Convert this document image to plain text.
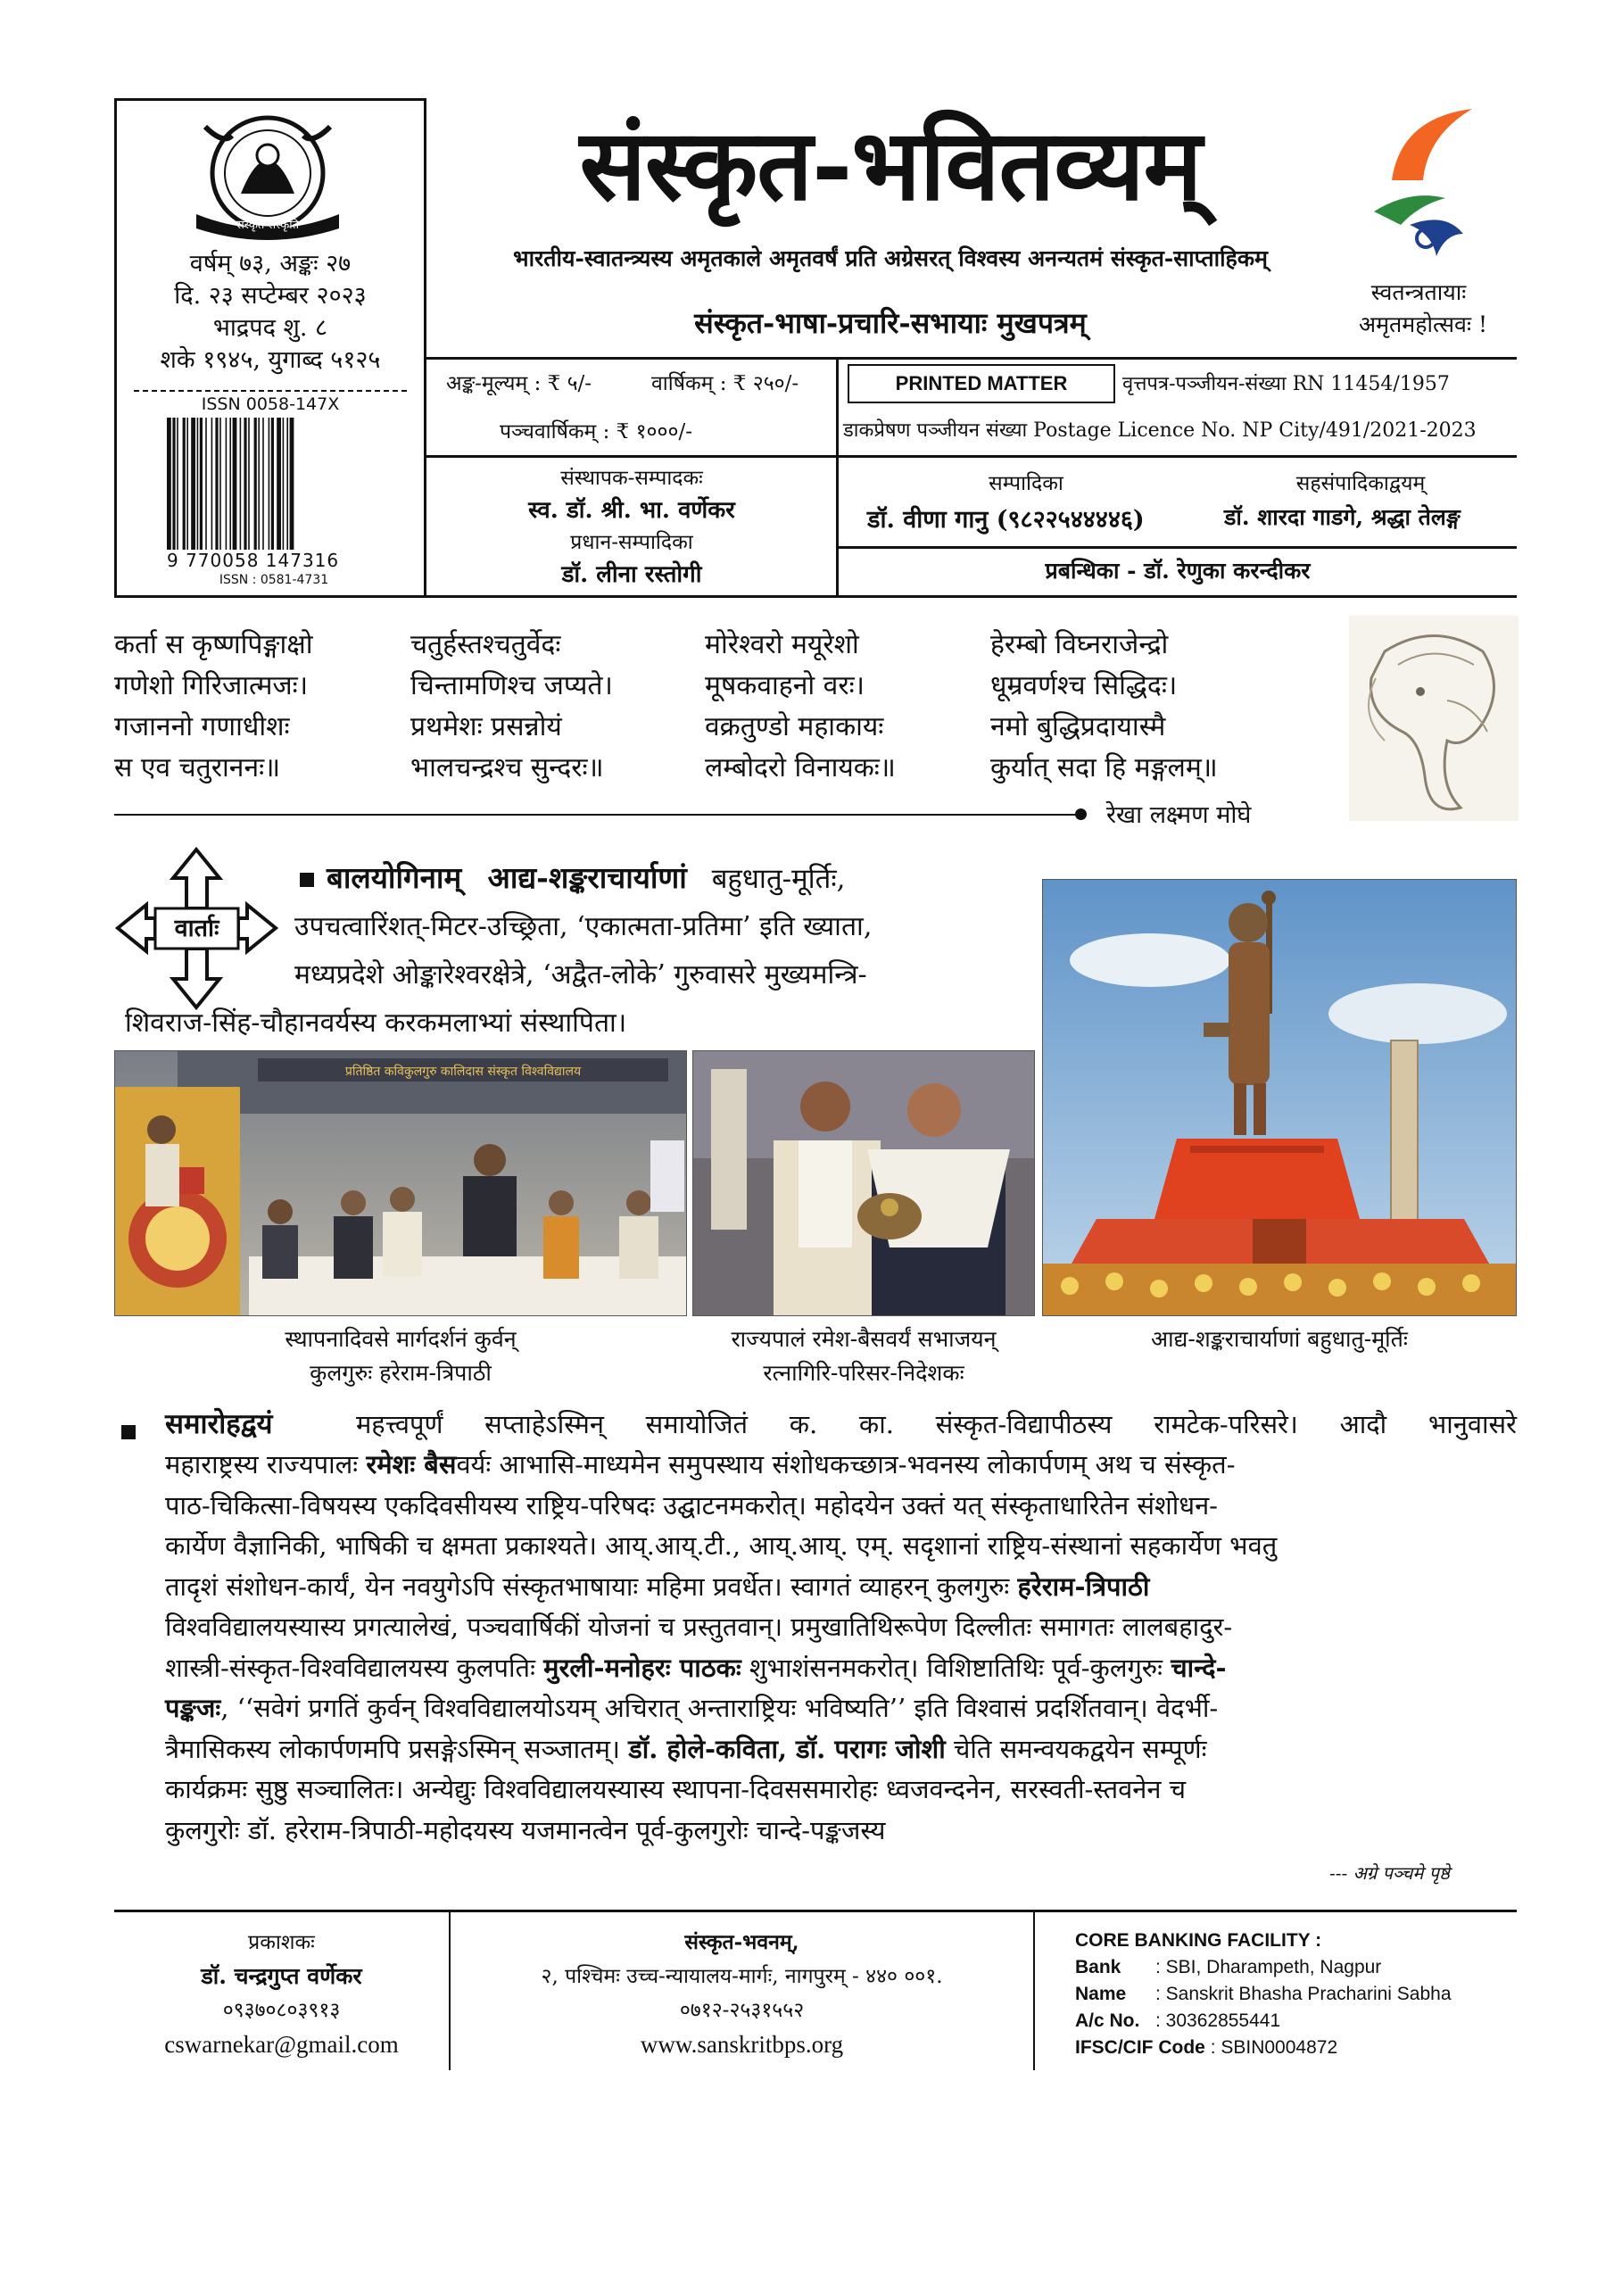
संस्कृत संस्कृति
वर्षम् ७३, अङ्कः २७
दि. २३ सप्टेम्बर २०२३
भाद्रपद शु. ८
शके १९४५, युगाब्द ५१२५
ISSN 0058-147X
9 770058 147316
ISSN : 0581-4731
संस्कृत-भवितव्यम्
भारतीय-स्वातन्त्र्यस्य अमृतकाले अमृतवर्षं प्रति अग्रेसरत् विश्वस्य अनन्यतमं संस्कृत-साप्ताहिकम्
संस्कृत-भाषा-प्रचारि-सभायाः मुखपत्रम्
स्वतन्त्रतायाः
अमृतमहोत्सवः !
अङ्क-मूल्यम् : ₹ ५/-	वार्षिकम् : ₹ २५०/-
पञ्चवार्षिकम् : ₹ १०००/-
PRINTED MATTER	वृत्तपत्र-पञ्जीयन-संख्या RN 11454/1957
डाकप्रेषण पञ्जीयन संख्या Postage Licence No. NP City/491/2021-2023
संस्थापक-सम्पादकः
स्व. डॉ. श्री. भा. वर्णेकर
प्रधान-सम्पादिका
डॉ. लीना रस्तोगी
सम्पादिका	सहसंपादिकाद्वयम्
डॉ. वीणा गानु (९८२२५४४४४६)	डॉ. शारदा गाडगे, श्रद्धा तेलङ्ग
प्रबन्धिका - डॉ. रेणुका करन्दीकर
कर्ता स कृष्णपिङ्गाक्षो
गणेशो गिरिजात्मजः।
गजाननो गणाधीशः
स एव चतुराननः॥
चतुर्हस्तश्चतुर्वेदः
चिन्तामणिश्च जप्यते।
प्रथमेशः प्रसन्नोयं
भालचन्द्रश्च सुन्दरः॥
मोरेश्वरो मयूरेशो
मूषकवाहनो वरः।
वक्रतुण्डो महाकायः
लम्बोदरो विनायकः॥
हेरम्बो विघ्नराजेन्द्रो
धूम्रवर्णश्च सिद्धिदः।
नमो बुद्धिप्रदायास्मै
कुर्यात् सदा हि मङ्गलम्॥
रेखा लक्ष्मण मोघे
वार्ताः
बालयोगिनाम् आद्य-शङ्कराचार्याणां बहुधातु-मूर्तिः,
उपचत्वारिंशत्-मिटर-उच्छ्रिता, ‘एकात्मता-प्रतिमा’ इति ख्याता,
मध्यप्रदेशे ओङ्कारेश्वरक्षेत्रे, ‘अद्वैत-लोके’ गुरुवासरे मुख्यमन्त्रि-
शिवराज-सिंह-चौहानवर्यस्य करकमलाभ्यां संस्थापिता।
प्रतिष्ठित कविकुलगुरु कालिदास संस्कृत विश्वविद्यालय
स्थापनादिवसे मार्गदर्शनं कुर्वन्
कुलगुरुः हरेराम-त्रिपाठी
राज्यपालं रमेश-बैसवर्यं सभाजयन्
रत्नागिरि-परिसर-निदेशकः
आद्य-शङ्कराचार्याणां बहुधातु-मूर्तिः
समारोहद्वयं	महत्त्वपूर्णं सप्ताहेऽस्मिन् समायोजितं क. का. संस्कृत-विद्यापीठस्य रामटेक-परिसरे। आदौ भानुवासरे
महाराष्ट्रस्य राज्यपालः रमेशः बैसवर्यः आभासि-माध्यमेन समुपस्थाय संशोधकच्छात्र-भवनस्य लोकार्पणम् अथ च संस्कृत-
पाठ-चिकित्सा-विषयस्य एकदिवसीयस्य राष्ट्रिय-परिषदः उद्घाटनमकरोत्। महोदयेन उक्तं यत् संस्कृताधारितेन संशोधन-
कार्येण वैज्ञानिकी, भाषिकी च क्षमता प्रकाश्यते। आय्.आय्.टी., आय्.आय्. एम्. सदृशानां राष्ट्रिय-संस्थानां सहकार्येण भवतु
तादृशं संशोधन-कार्यं, येन नवयुगेऽपि संस्कृतभाषायाः महिमा प्रवर्धेत। स्वागतं व्याहरन् कुलगुरुः हरेराम-त्रिपाठी
विश्वविद्यालयस्यास्य प्रगत्यालेखं, पञ्चवार्षिकीं योजनां च प्रस्तुतवान्। प्रमुखातिथिरूपेण दिल्लीतः समागतः लालबहादुर-
शास्त्री-संस्कृत-विश्वविद्यालयस्य कुलपतिः मुरली-मनोहरः पाठकः शुभाशंसनमकरोत्। विशिष्टातिथिः पूर्व-कुलगुरुः चान्दे-
पङ्कजः, ‘‘सवेगं प्रगतिं कुर्वन् विश्वविद्यालयोऽयम् अचिरात् अन्ताराष्ट्रियः भविष्यति’’ इति विश्वासं प्रदर्शितवान्। वेदर्भी-
त्रैमासिकस्य लोकार्पणमपि प्रसङ्गेऽस्मिन् सञ्जातम्। डॉ. होले-कविता, डॉ. परागः जोशी चेति समन्वयकद्वयेन सम्पूर्णः
कार्यक्रमः सुष्ठु सञ्चालितः। अन्येद्युः विश्वविद्यालयस्यास्य स्थापना-दिवससमारोहः ध्वजवन्दनेन, सरस्वती-स्तवनेन च
कुलगुरोः डॉ. हरेराम-त्रिपाठी-महोदयस्य यजमानत्वेन पूर्व-कुलगुरोः चान्दे-पङ्कजस्य
--- अग्रे पञ्चमे पृष्ठे
प्रकाशकः
डॉ. चन्द्रगुप्त वर्णेकर
०९३७०८०३९१३
cswarnekar@gmail.com
संस्कृत-भवनम्,
२, पश्चिमः उच्च-न्यायालय-मार्गः, नागपुरम् - ४४० ००१.
०७१२-२५३१५५२
www.sanskritbps.org
CORE BANKING FACILITY :
Bank : SBI, Dharampeth, Nagpur
Name : Sanskrit Bhasha Pracharini Sabha
A/c No. : 30362855441
IFSC/CIF Code : SBIN0004872
